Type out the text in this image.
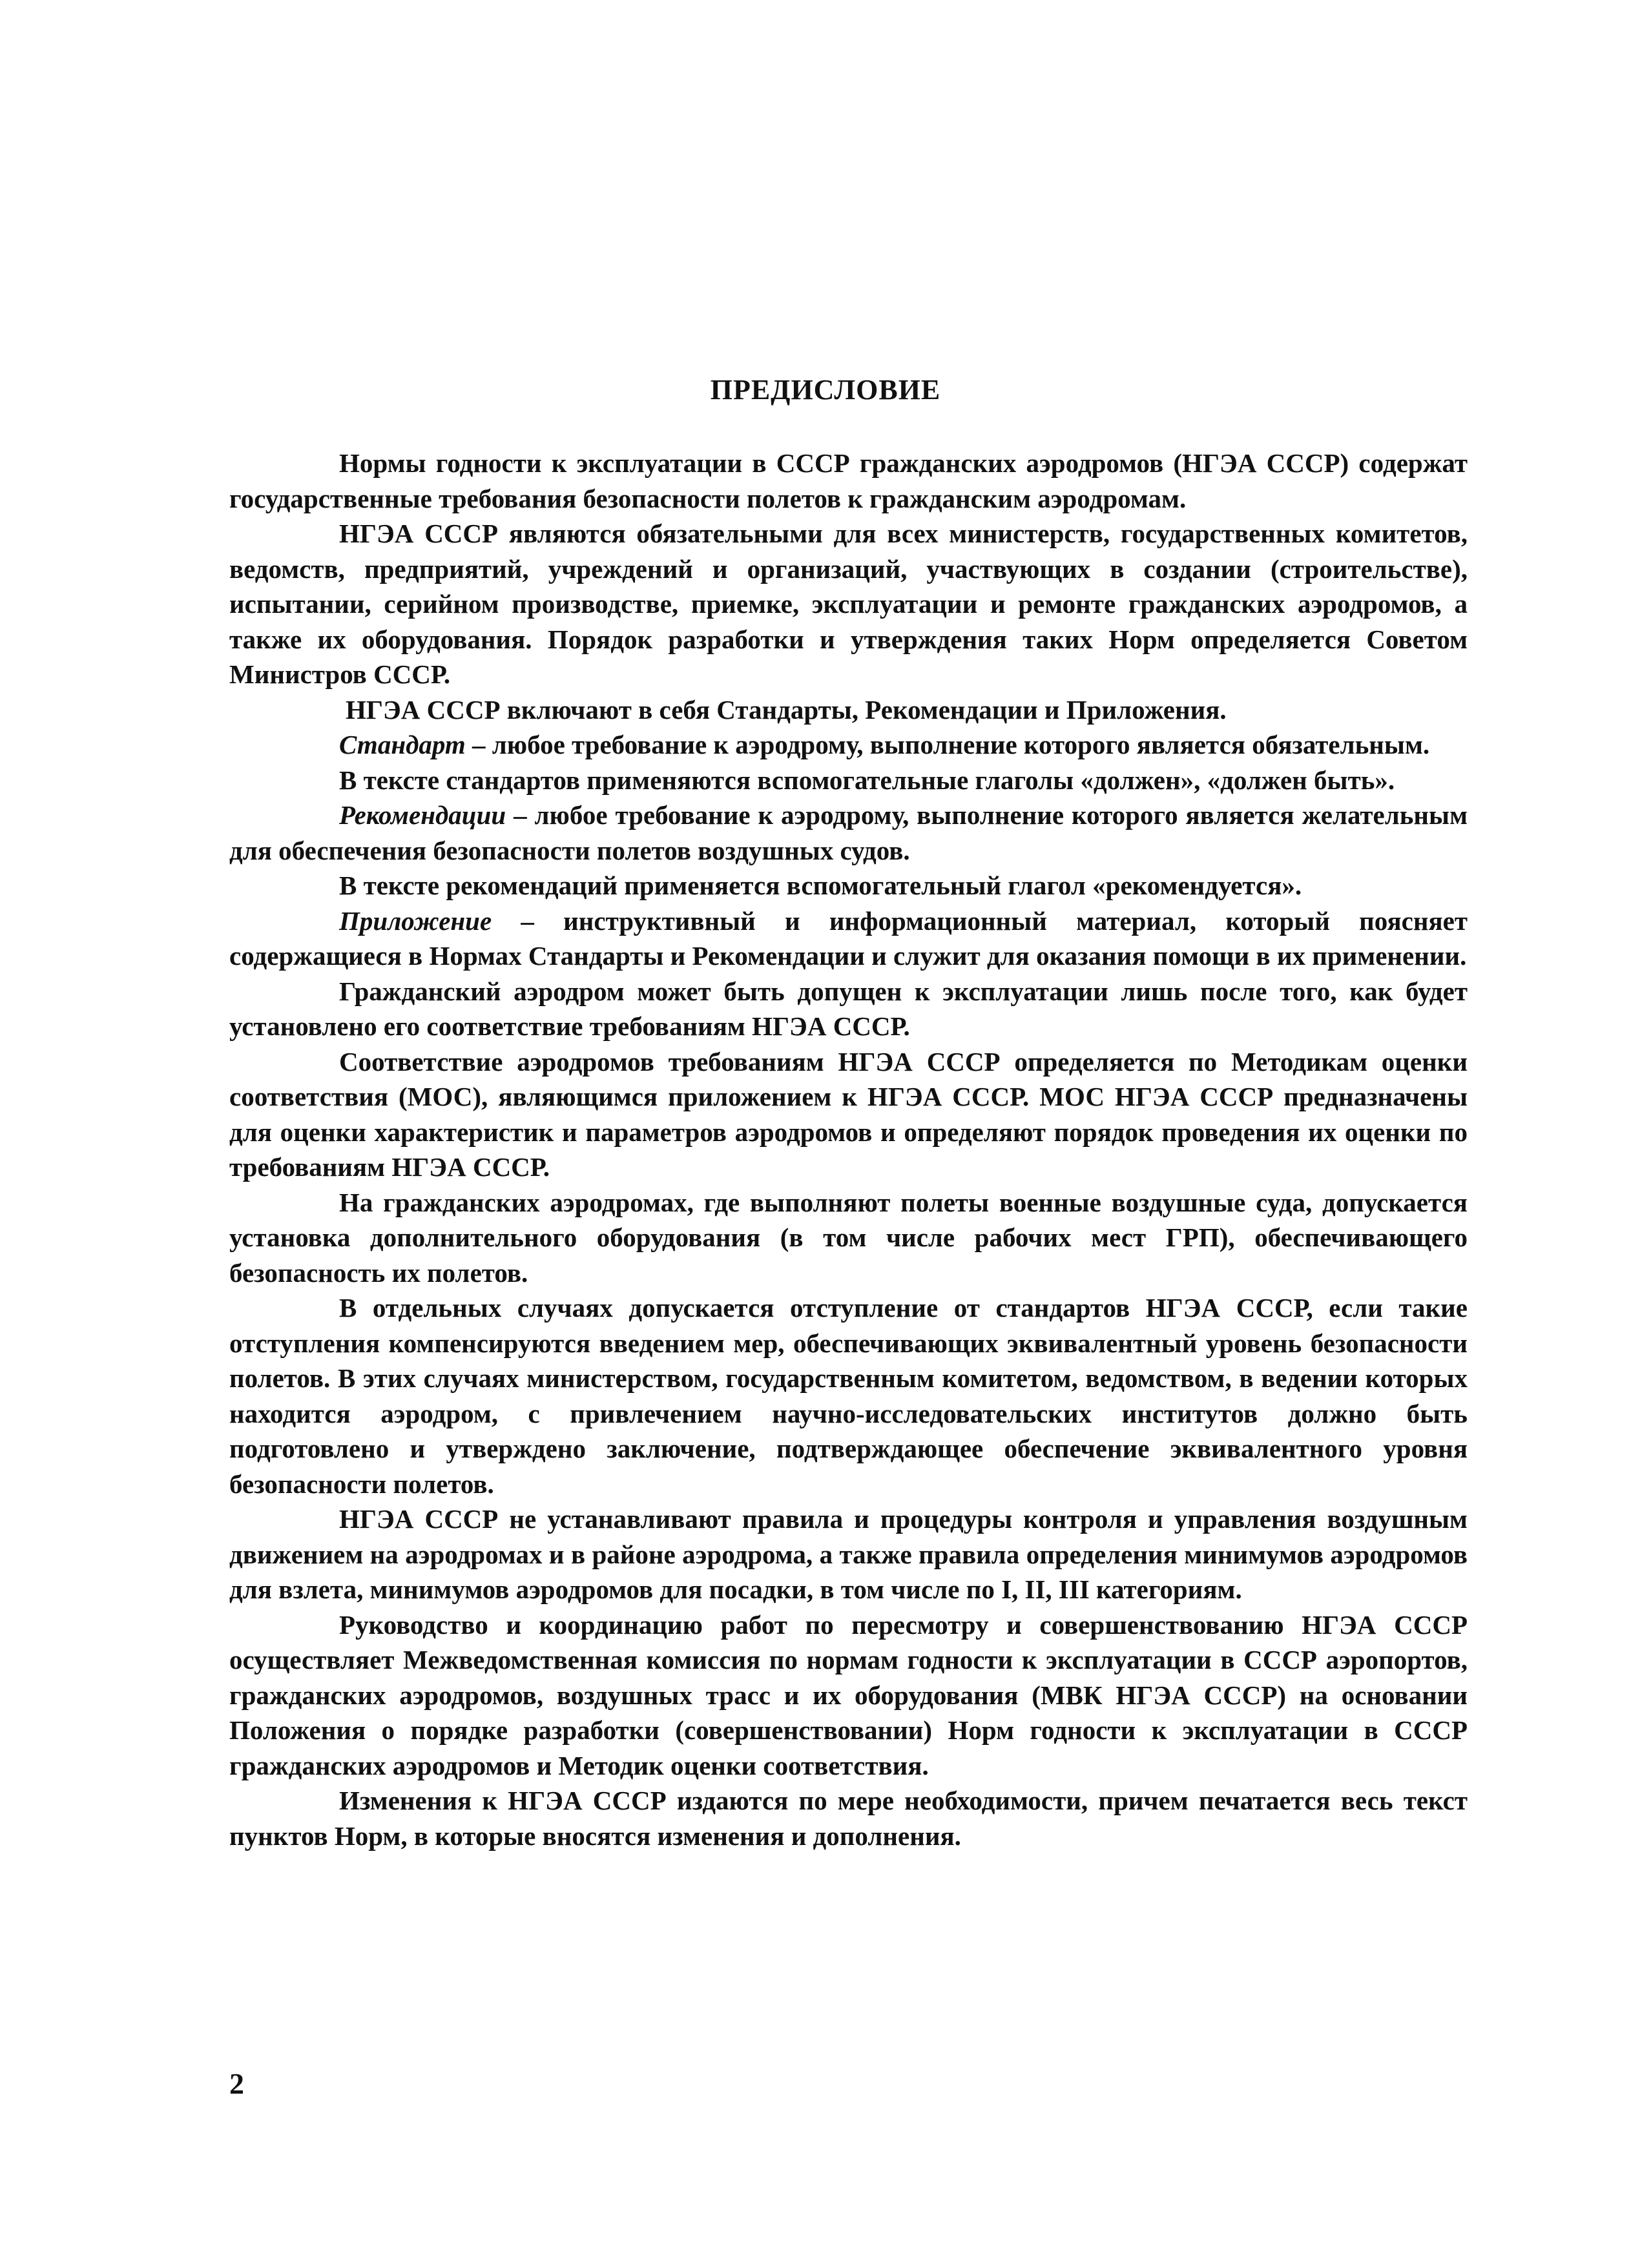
ПРЕДИСЛОВИЕ

Нормы годности к эксплуатации в СССР гражданских аэродромов (НГЭА СССР) содержат государственные требования безопасности полетов к гражданским аэродромам.

НГЭА СССР являются обязательными для всех министерств, государственных комитетов, ведомств, предприятий, учреждений и организаций, участвующих в создании (строительстве), испытании, серийном производстве, приемке, эксплуатации и ремонте гражданских аэродромов, а также их оборудования. Порядок разработки и утверждения таких Норм определяется Советом Министров СССР.

НГЭА СССР включают в себя Стандарты, Рекомендации и Приложения.

Стандарт – любое требование к аэродрому, выполнение которого является обязательным.

В тексте стандартов применяются вспомогательные глаголы «должен», «должен быть».

Рекомендации – любое требование к аэродрому, выполнение которого является желательным для обеспечения безопасности полетов воздушных судов.

В тексте рекомендаций применяется вспомогательный глагол «рекомендуется».

Приложение – инструктивный и информационный материал, который поясняет содержащиеся в Нормах Стандарты и Рекомендации и служит для оказания помощи в их применении.

Гражданский аэродром может быть допущен к эксплуатации лишь после того, как будет установлено его соответствие требованиям НГЭА СССР.

Соответствие аэродромов требованиям НГЭА СССР определяется по Методикам оценки соответствия (МОС), являющимся приложением к НГЭА СССР. МОС НГЭА СССР предназначены для оценки характеристик и параметров аэродромов и определяют порядок проведения их оценки по требованиям НГЭА СССР.

На гражданских аэродромах, где выполняют полеты военные воздушные суда, допускается установка дополнительного оборудования (в том числе рабочих мест ГРП), обеспечивающего безопасность их полетов.

В отдельных случаях допускается отступление от стандартов НГЭА СССР, если такие отступления компенсируются введением мер, обеспечивающих эквивалентный уровень безопасности полетов. В этих случаях министерством, государственным комитетом, ведомством, в ведении которых находится аэродром, с привлечением научно-исследовательских институтов должно быть подготовлено и утверждено заключение, подтверждающее обеспечение эквивалентного уровня безопасности полетов.

НГЭА СССР не устанавливают правила и процедуры контроля и управления воздушным движением на аэродромах и в районе аэродрома, а также правила определения минимумов аэродромов для взлета, минимумов аэродромов для посадки, в том числе по I, II, III категориям.

Руководство и координацию работ по пересмотру и совершенствованию НГЭА СССР осуществляет Межведомственная комиссия по нормам годности к эксплуатации в СССР аэропортов, гражданских аэродромов, воздушных трасс и их оборудования (МВК НГЭА СССР) на основании Положения о порядке разработки (совершенствовании) Норм годности к эксплуатации в СССР гражданских аэродромов и Методик оценки соответствия.

Изменения к НГЭА СССР издаются по мере необходимости, причем печатается весь текст пунктов Норм, в которые вносятся изменения и дополнения.

2
